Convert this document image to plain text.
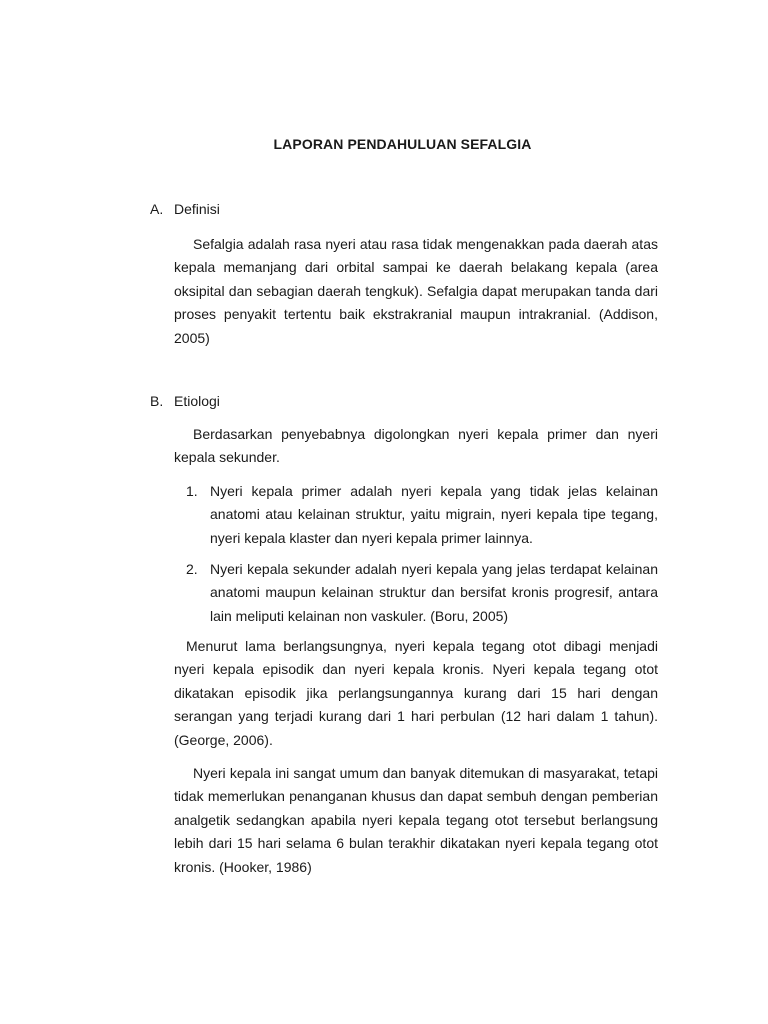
LAPORAN PENDAHULUAN SEFALGIA
A. Definisi
Sefalgia adalah rasa nyeri atau rasa tidak mengenakkan pada daerah atas kepala memanjang dari orbital sampai ke daerah belakang kepala (area oksipital dan sebagian daerah tengkuk). Sefalgia dapat merupakan tanda dari proses penyakit tertentu baik ekstrakranial maupun intrakranial. (Addison, 2005)
B. Etiologi
Berdasarkan penyebabnya digolongkan nyeri kepala primer dan nyeri kepala sekunder.
1. Nyeri kepala primer adalah nyeri kepala yang tidak jelas kelainan anatomi atau kelainan struktur, yaitu migrain, nyeri kepala tipe tegang, nyeri kepala klaster dan nyeri kepala primer lainnya.
2. Nyeri kepala sekunder adalah nyeri kepala yang jelas terdapat kelainan anatomi maupun kelainan struktur dan bersifat kronis progresif, antara lain meliputi kelainan non vaskuler. (Boru, 2005)
Menurut lama berlangsungnya, nyeri kepala tegang otot dibagi menjadi nyeri kepala episodik dan nyeri kepala kronis. Nyeri kepala tegang otot dikatakan episodik jika perlangsungannya kurang dari 15 hari dengan serangan yang terjadi kurang dari 1 hari perbulan (12 hari dalam 1 tahun). (George, 2006).
Nyeri kepala ini sangat umum dan banyak ditemukan di masyarakat, tetapi tidak memerlukan penanganan khusus dan dapat sembuh dengan pemberian analgetik sedangkan apabila nyeri kepala tegang otot tersebut berlangsung lebih dari 15 hari selama 6 bulan terakhir dikatakan nyeri kepala tegang otot kronis. (Hooker, 1986)
